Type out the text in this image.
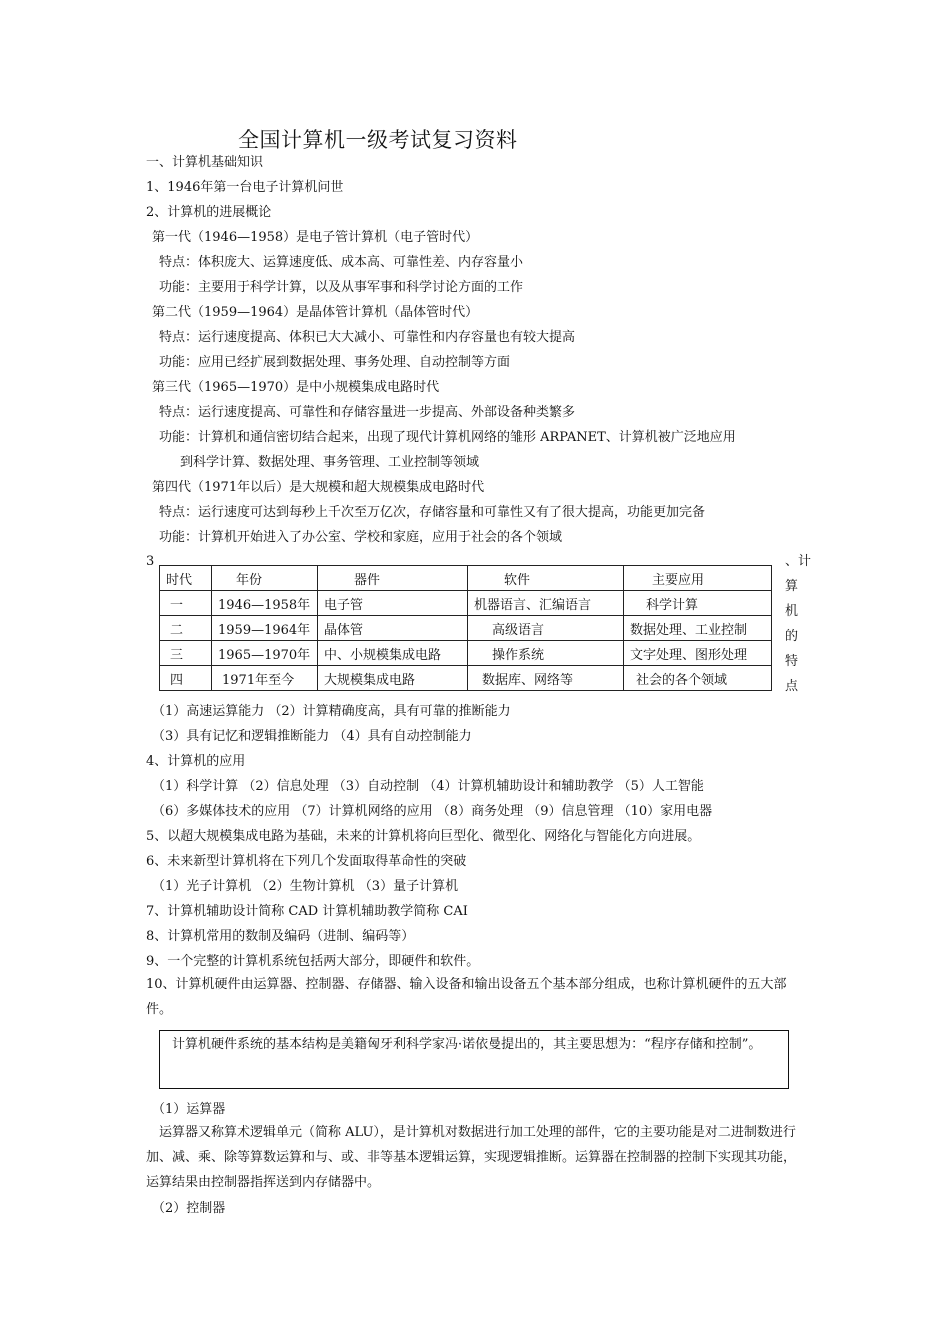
全国计算机一级考试复习资料
一、计算机基础知识
1、1946年第一台电子计算机问世
2、计算机的进展概论
第一代（1946—1958）是电子管计算机（电子管时代）
特点：体积庞大、运算速度低、成本高、可靠性差、内存容量小
功能：主要用于科学计算，以及从事军事和科学讨论方面的工作
第二代（1959—1964）是晶体管计算机（晶体管时代）
特点：运行速度提高、体积已大大减小、可靠性和内存容量也有较大提高
功能：应用已经扩展到数据处理、事务处理、自动控制等方面
第三代（1965—1970）是中小规模集成电路时代
特点：运行速度提高、可靠性和存储容量进一步提高、外部设备种类繁多
功能：计算机和通信密切结合起来，出现了现代计算机网络的雏形 ARPANET、计算机被广泛地应用
到科学计算、数据处理、事务管理、工业控制等领域
第四代（1971年以后）是大规模和超大规模集成电路时代
特点：运行速度可达到每秒上千次至万亿次，存储容量和可靠性又有了很大提高，功能更加完备
功能：计算机开始进入了办公室、学校和家庭，应用于社会的各个领域
3	、计
算
机
的
特
点
时代	年份	器件	软件	主要应用
一	1946—1958年	电子管	机器语言、汇编语言	科学计算
二	1959—1964年	晶体管	高级语言	数据处理、工业控制
三	1965—1970年	中、小规模集成电路	操作系统	文字处理、图形处理
四	1971年至今	大规模集成电路	数据库、网络等	社会的各个领域
（1）高速运算能力 （2）计算精确度高，具有可靠的推断能力
（3）具有记忆和逻辑推断能力 （4）具有自动控制能力
4、计算机的应用
（1）科学计算 （2）信息处理 （3）自动控制 （4）计算机辅助设计和辅助教学 （5）人工智能
（6）多媒体技术的应用 （7）计算机网络的应用 （8）商务处理 （9）信息管理 （10）家用电器
5、以超大规模集成电路为基础，未来的计算机将向巨型化、微型化、网络化与智能化方向进展。
6、未来新型计算机将在下列几个发面取得革命性的突破
（1）光子计算机 （2）生物计算机 （3）量子计算机
7、计算机辅助设计简称 CAD 计算机辅助教学简称 CAI
8、计算机常用的数制及编码（进制、编码等）
9、一个完整的计算机系统包括两大部分，即硬件和软件。
10、计算机硬件由运算器、控制器、存储器、输入设备和输出设备五个基本部分组成，也称计算机硬件的五大部件。
计算机硬件系统的基本结构是美籍匈牙利科学家冯·诺依曼提出的，其主要思想为：“程序存储和控制”。
（1）运算器
运算器又称算术逻辑单元（简称 ALU），是计算机对数据进行加工处理的部件，它的主要功能是对二进制数进行加、减、乘、除等算数运算和与、或、非等基本逻辑运算，实现逻辑推断。运算器在控制器的控制下实现其功能，运算结果由控制器指挥送到内存储器中。
（2）控制器
